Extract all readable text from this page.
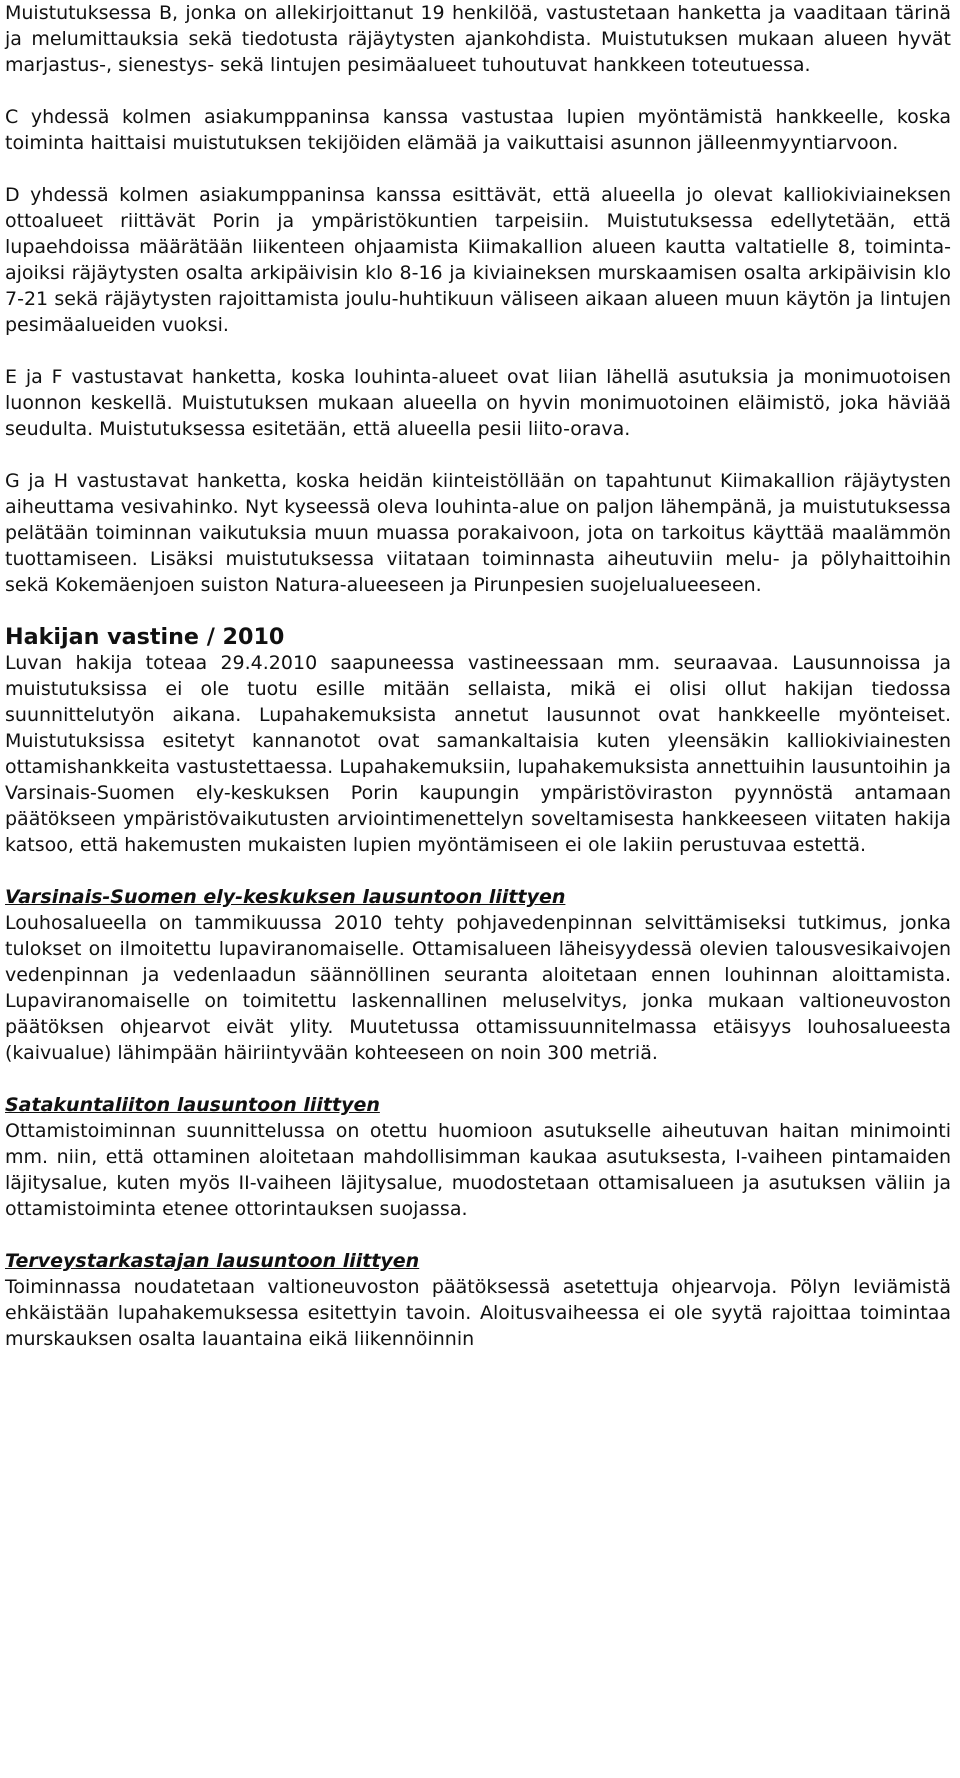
Muistutuksessa B, jonka on allekirjoittanut 19 henkilöä, vastustetaan hanketta ja vaaditaan tärinä ja melumittauksia sekä tiedotusta räjäytysten ajankohdista. Muistutuksen mukaan alueen hyvät marjastus-, sienestys- sekä lintujen pesimäalueet tuhoutuvat hankkeen toteutuessa.

C yhdessä kolmen asiakumppaninsa kanssa vastustaa lupien myöntämistä hankkeelle, koska toiminta haittaisi muistutuksen tekijöiden elämää ja vaikuttaisi asunnon jälleenmyyntiarvoon.

D yhdessä kolmen asiakumppaninsa kanssa esittävät, että alueella jo olevat kalliokiviaineksen ottoalueet riittävät Porin ja ympäristökuntien tarpeisiin. Muistutuksessa edellytetään, että lupaehdoissa määrätään liikenteen ohjaamista Kiimakallion alueen kautta valtatielle 8, toiminta-ajoiksi räjäytysten osalta arkipäivisin klo 8-16 ja kiviaineksen murskaamisen osalta arkipäivisin klo 7-21 sekä räjäytysten rajoittamista joulu-huhtikuun väliseen aikaan alueen muun käytön ja lintujen pesimäalueiden vuoksi.

E ja F vastustavat hanketta, koska louhinta-alueet ovat liian lähellä asutuksia ja monimuotoisen luonnon keskellä. Muistutuksen mukaan alueella on hyvin monimuotoinen eläimistö, joka häviää seudulta. Muistutuksessa esitetään, että alueella pesii liito-orava.

G ja H vastustavat hanketta, koska heidän kiinteistöllään on tapahtunut Kiimakallion räjäytysten aiheuttama vesivahinko. Nyt kyseessä oleva louhinta-alue on paljon lähempänä, ja muistutuksessa pelätään toiminnan vaikutuksia muun muassa porakaivoon, jota on tarkoitus käyttää maalämmön tuottamiseen. Lisäksi muistutuksessa viitataan toiminnasta aiheutuviin melu- ja pölyhaittoihin sekä Kokemäenjoen suiston Natura-alueeseen ja Pirunpesien suojelualueeseen.

Hakijan vastine / 2010

Luvan hakija toteaa 29.4.2010 saapuneessa vastineessaan mm. seuraavaa. Lausunnoissa ja muistutuksissa ei ole tuotu esille mitään sellaista, mikä ei olisi ollut hakijan tiedossa suunnittelutyön aikana. Lupahakemuksista annetut lausunnot ovat hankkeelle myönteiset. Muistutuksissa esitetyt kannanotot ovat samankaltaisia kuten yleensäkin kalliokiviainesten ottamishankkeita vastustettaessa. Lupahakemuksiin, lupahakemuksista annettuihin lausuntoihin ja Varsinais-Suomen ely-keskuksen Porin kaupungin ympäristöviraston pyynnöstä antamaan päätökseen ympäristövaikutusten arviointimenettelyn soveltamisesta hankkeeseen viitaten hakija katsoo, että hakemusten mukaisten lupien myöntämiseen ei ole lakiin perustuvaa estettä.

Varsinais-Suomen ely-keskuksen lausuntoon liittyen

Louhosalueella on tammikuussa 2010 tehty pohjavedenpinnan selvittämiseksi tutkimus, jonka tulokset on ilmoitettu lupaviranomaiselle. Ottamisalueen läheisyydessä olevien talousvesikaivojen vedenpinnan ja vedenlaadun säännöllinen seuranta aloitetaan ennen louhinnan aloittamista. Lupaviranomaiselle on toimitettu laskennallinen meluselvitys, jonka mukaan valtioneuvoston päätöksen ohjearvot eivät ylity. Muutetussa ottamissuunnitelmassa etäisyys louhosalueesta (kaivualue) lähimpään häiriintyvään kohteeseen on noin 300 metriä.

Satakuntaliiton lausuntoon liittyen

Ottamistoiminnan suunnittelussa on otettu huomioon asutukselle aiheutuvan haitan minimointi mm. niin, että ottaminen aloitetaan mahdollisimman kaukaa asutuksesta, I-vaiheen pintamaiden läjitysalue, kuten myös II-vaiheen läjitysalue, muodostetaan ottamisalueen ja asutuksen väliin ja ottamistoiminta etenee ottorintauksen suojassa.

Terveystarkastajan lausuntoon liittyen

Toiminnassa noudatetaan valtioneuvoston päätöksessä asetettuja ohjearvoja. Pölyn leviämistä ehkäistään lupahakemuksessa esitettyin tavoin. Aloitusvaiheessa ei ole syytä rajoittaa toimintaa murskauksen osalta lauantaina eikä liikennöinnin
